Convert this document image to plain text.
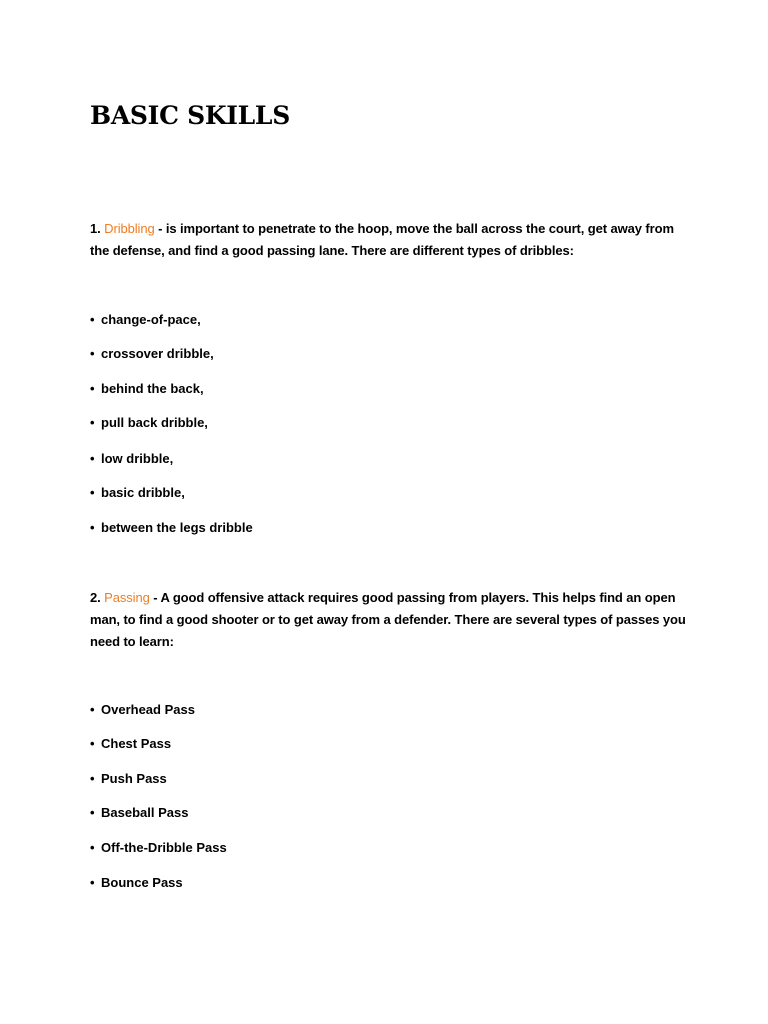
BASIC SKILLS

1. Dribbling - is important to penetrate to the hoop, move the ball across the court, get away from the defense, and find a good passing lane. There are different types of dribbles:

• change-of-pace,

• crossover dribble,

• behind the back,

• pull back dribble,

• low dribble,

• basic dribble,

• between the legs dribble

2. Passing - A good offensive attack requires good passing from players. This helps find an open man, to find a good shooter or to get away from a defender. There are several types of passes you need to learn:

• Overhead Pass

• Chest Pass

• Push Pass

• Baseball Pass

• Off-the-Dribble Pass

• Bounce Pass
